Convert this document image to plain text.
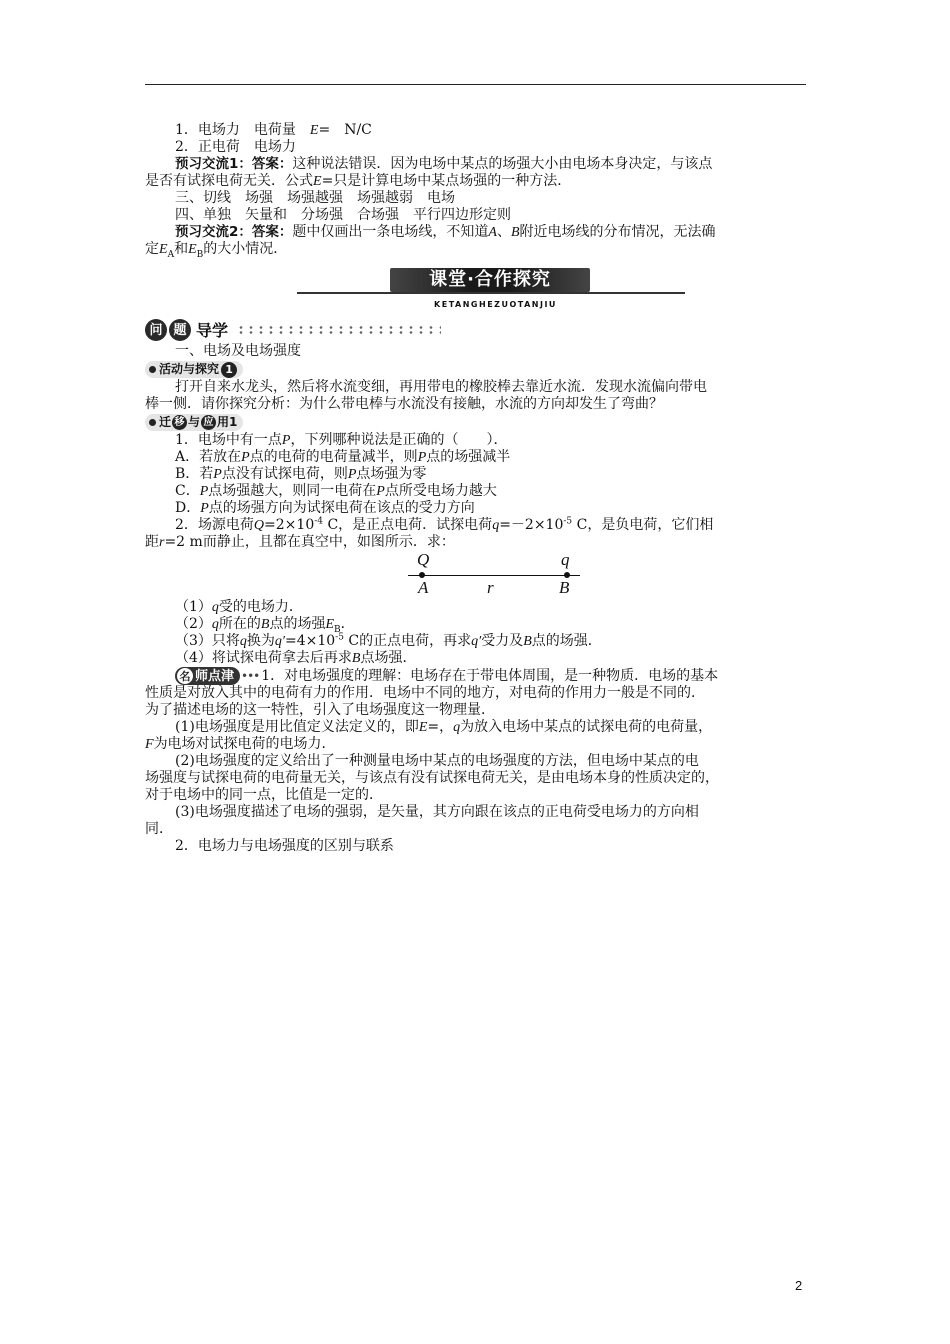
1．电场力　 电荷量　 E=　 N/C

2．正电荷　 电场力

预习交流1：答案：这种说法错误．因为电场中某点的场强大小由电场本身决定，与该点

是否有试探电荷无关．公式E=只是计算电场中某点场强的一种方法．

三、切线　场强　场强越强　场强越弱　电场

四、单独　矢量和　分场强　合场强　平行四边形定则

预习交流2：答案：题中仅画出一条电场线，不知道A、B附近电场线的分布情况，无法确

定$E_A$和$E_B$的大小情况．

课堂·合作探究
KETANGHEZUOTANJIU
问 题 导学

一、电场及电场强度

活动与探究 1

打开自来水龙头，然后将水流变细，再用带电的橡胶棒去靠近水流．发现水流偏向带电

棒一侧．请你探究分析：为什么带电棒与水流没有接触，水流的方向却发生了弯曲？

迁 移 与 应 用1

1．电场中有一点P，下列哪种说法是正确的（　　）．

A．若放在P点的电荷的电荷量减半，则P点的场强减半

B．若P点没有试探电荷，则P点场强为零

C．P点场强越大，则同一电荷在P点所受电场力越大

D．P点的场强方向为试探电荷在该点的受力方向

2．场源电荷$Q=2\times 10^{-4}$ C，是正点电荷．试探电荷$q=-2\times 10^{-5}$ C，是负电荷，它们相

距r=2 m而静止，且都在真空中，如图所示．求：

Q	q
A	r	B

（1）q受的电场力．

（2）q所在的B点的场强$E_B$．

（3）只将q换为$q'=4\times 10^{-5}$ C的正点电荷，再求q′受力及B点的场强．

（4）将试探电荷拿去后再求B点场强．

名 师点津 ••• 1．对电场强度的理解：电场存在于带电体周围，是一种物质．电场的基本

性质是对放入其中的电荷有力的作用．电场中不同的地方，对电荷的作用力一般是不同的．

为了描述电场的这一特性，引入了电场强度这一物理量．

(1)电场强度是用比值定义法定义的，即E=，q为放入电场中某点的试探电荷的电荷量，

F为电场对试探电荷的电场力．

(2)电场强度的定义给出了一种测量电场中某点的电场强度的方法，但电场中某点的电

场强度与试探电荷的电荷量无关，与该点有没有试探电荷无关，是由电场本身的性质决定的，

对于电场中的同一点，比值是一定的．

(3)电场强度描述了电场的强弱，是矢量，其方向跟在该点的正电荷受电场力的方向相

同．

2．电场力与电场强度的区别与联系

2
